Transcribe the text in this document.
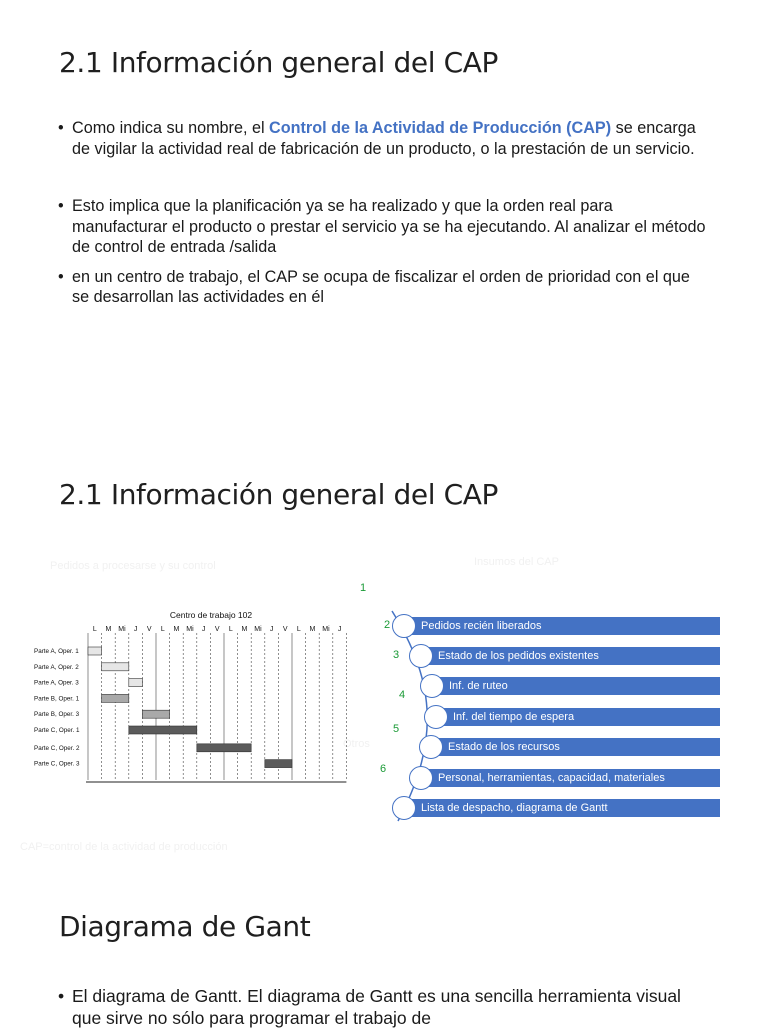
2.1 Información general del CAP
• Como indica su nombre, el Control de la Actividad de Producción (CAP) se encarga de vigilar la actividad real de fabricación de un producto, o la prestación de un servicio.
• Esto implica que la planificación ya se ha realizado y que la orden real para manufacturar el producto o prestar el servicio ya se ha ejecutando. Al analizar el método de control de entrada /salida
• en un centro de trabajo, el CAP se ocupa de fiscalizar el orden de prioridad con el que se desarrollan las actividades en él
2.1 Información general del CAP
Pedidos a procesarse y su control	Insumos del CAP
Otros
CAP=control de la actividad de producción
Centro de trabajo 102
L M Mi J V L M Mi J V L M Mi J V L M Mi J
Parte A, Oper. 1
Parte A, Oper. 2
Parte A, Oper. 3
Parte B, Oper. 1
Parte B, Oper. 3
Parte C, Oper. 1
Parte C, Oper. 2
Parte C, Oper. 3
1
Pedidos recién liberados
2
Estado de los pedidos existentes
3
Inf. de ruteo
4
Inf. del tiempo de espera
5
Estado de los recursos
6
Personal, herramientas, capacidad, materiales
Lista de despacho, diagrama de Gantt
Diagrama de Gant
• El diagrama de Gantt. El diagrama de Gantt es una sencilla herramienta visual que sirve no sólo para programar el trabajo de
